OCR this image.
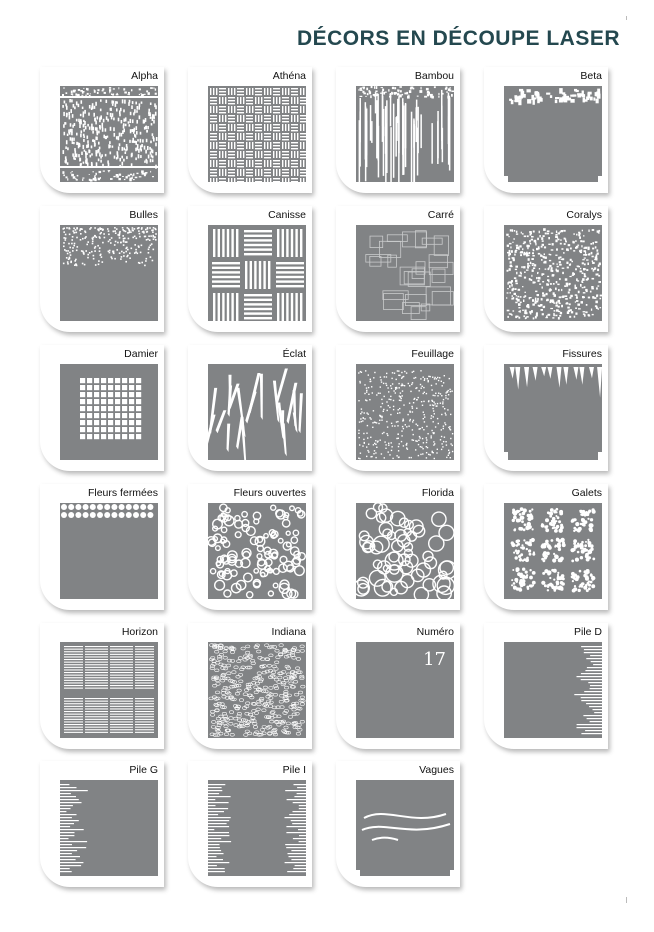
DÉCORS EN DÉCOUPE LASER
Alpha	Athéna	Bambou	Beta
Bulles	Canisse	Carré	Coralys
Damier	Éclat	Feuillage	Fissures
Fleurs fermées	Fleurs ouvertes	Florida	Galets
Horizon	Indiana	Numéro
17
Pile D
Pile G	Pile I	Vagues
